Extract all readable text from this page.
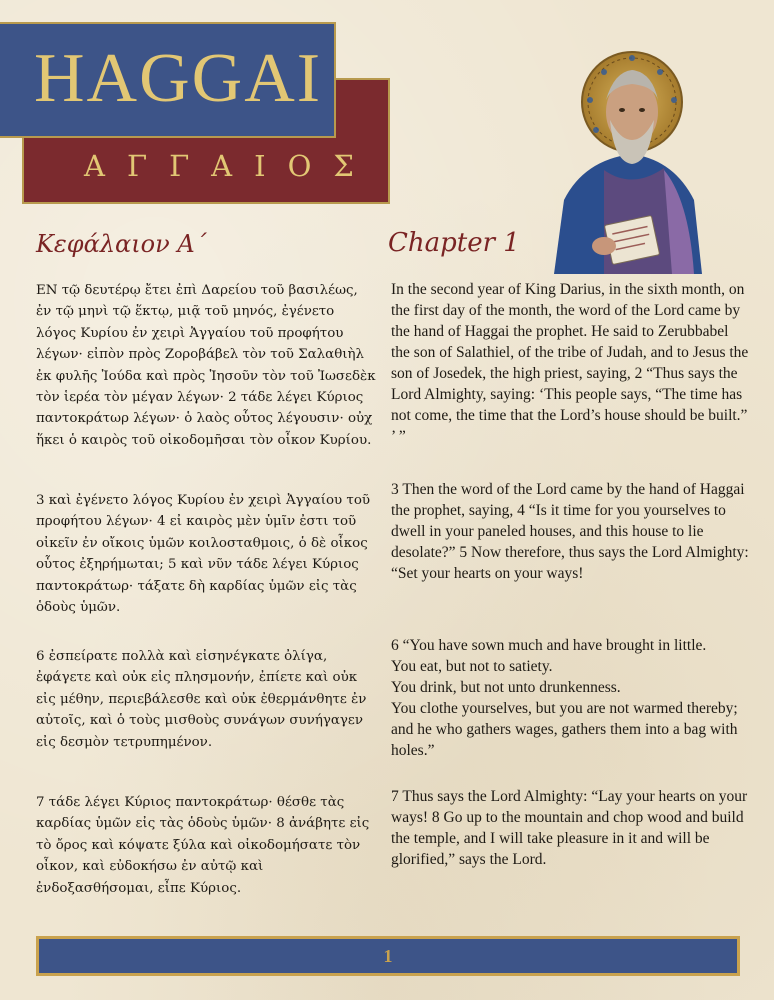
HAGGAI
ΑΓΓΑΙΟΣ
Κεφάλαιον Α΄	Chapter 1

ΕΝ τῷ δευτέρῳ ἔτει ἐπὶ Δαρείου τοῦ βασιλέως, ἐν τῷ μηνὶ τῷ ἕκτῳ, μιᾷ τοῦ μηνός, ἐγένετο λόγος Κυρίου ἐν χειρὶ Ἀγγαίου τοῦ προφήτου λέγων· εἰπὸν πρὸς Ζοροβάβελ τὸν τοῦ Σαλαθιὴλ ἐκ φυλῆς Ἰούδα καὶ πρὸς Ἰησοῦν τὸν τοῦ Ἰωσεδὲκ τὸν ἱερέα τὸν μέγαν λέγων· 2 τάδε λέγει Κύριος παντοκράτωρ λέγων· ὁ λαὸς οὗτος λέγουσιν· οὐχ ἥκει ὁ καιρὸς τοῦ οἰκοδομῆσαι τὸν οἶκον Κυρίου.

3 καὶ ἐγένετο λόγος Κυρίου ἐν χειρὶ Ἀγγαίου τοῦ προφήτου λέγων· 4 εἰ καιρὸς μὲν ὑμῖν ἐστι τοῦ οἰκεῖν ἐν οἴκοις ὑμῶν κοιλοσταθμοις, ὁ δὲ οἶκος οὗτος ἐξηρήμωται; 5 καὶ νῦν τάδε λέγει Κύριος παντοκράτωρ· τάξατε δὴ καρδίας ὑμῶν εἰς τὰς ὁδοὺς ὑμῶν.

6 ἐσπείρατε πολλὰ καὶ εἰσηνέγκατε ὀλίγα, ἐφάγετε καὶ οὐκ εἰς πλησμονήν, ἐπίετε καὶ οὐκ εἰς μέθην, περιεβάλεσθε καὶ οὐκ ἐθερμάνθητε ἐν αὐτοῖς, καὶ ὁ τοὺς μισθοὺς συνάγων συνήγαγεν εἰς δεσμὸν τετρυπημένον.

7 τάδε λέγει Κύριος παντοκράτωρ· θέσθε τὰς καρδίας ὑμῶν εἰς τὰς ὁδοὺς ὑμῶν· 8 ἀνάβητε εἰς τὸ ὄρος καὶ κόψατε ξύλα καὶ οἰκοδομήσατε τὸν οἶκον, καὶ εὐδοκήσω ἐν αὐτῷ καὶ ἐνδοξασθήσομαι, εἶπε Κύριος.

In the second year of King Darius, in the sixth month, on the first day of the month, the word of the Lord came by the hand of Haggai the prophet. He said to Zerubbabel the son of Salathiel, of the tribe of Judah, and to Jesus the son of Josedek, the high priest, saying, 2 “Thus says the Lord Almighty, saying: ‘This people says, “The time has not come, the time that the Lord’s house should be built.” ’ ”

3 Then the word of the Lord came by the hand of Haggai the prophet, saying, 4 “Is it time for you yourselves to dwell in your paneled houses, and this house to lie desolate?” 5 Now therefore, thus says the Lord Almighty: “Set your hearts on your ways!

6 “You have sown much and have brought in little.

You eat, but not to satiety.

You drink, but not unto drunkenness.

You clothe yourselves, but you are not warmed thereby; and he who gathers wages, gathers them into a bag with holes.”

7 Thus says the Lord Almighty: “Lay your hearts on your ways! 8 Go up to the mountain and chop wood and build the temple, and I will take pleasure in it and will be glorified,” says the Lord.

1
